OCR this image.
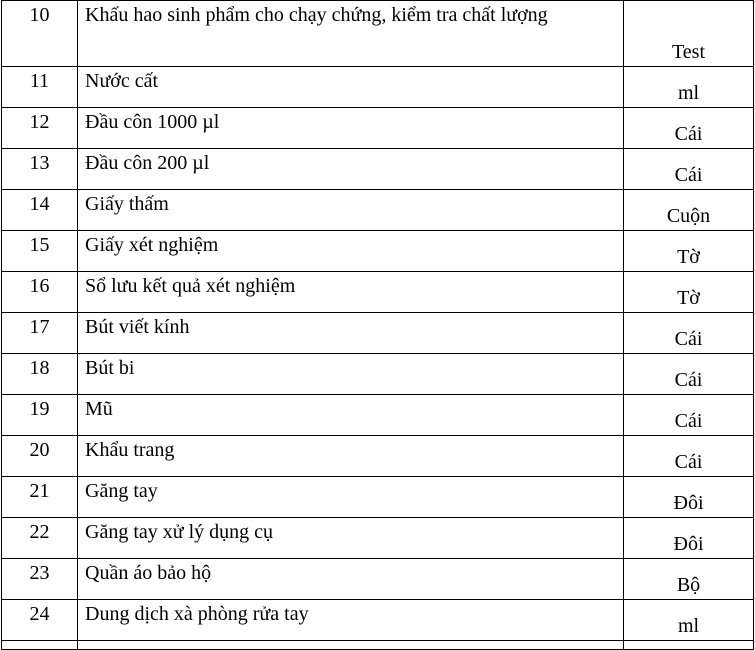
10	Khấu hao sinh phẩm cho chạy chứng, kiểm tra chất lượng	Test
11	Nước cất	ml
12	Đầu côn 1000 µl	Cái
13	Đầu côn 200 µl	Cái
14	Giấy thấm	Cuộn
15	Giấy xét nghiệm	Tờ
16	Sổ lưu kết quả xét nghiệm	Tờ
17	Bút viết kính	Cái
18	Bút bi	Cái
19	Mũ	Cái
20	Khẩu trang	Cái
21	Găng tay	Đôi
22	Găng tay xử lý dụng cụ	Đôi
23	Quần áo bảo hộ	Bộ
24	Dung dịch xà phòng rửa tay	ml
